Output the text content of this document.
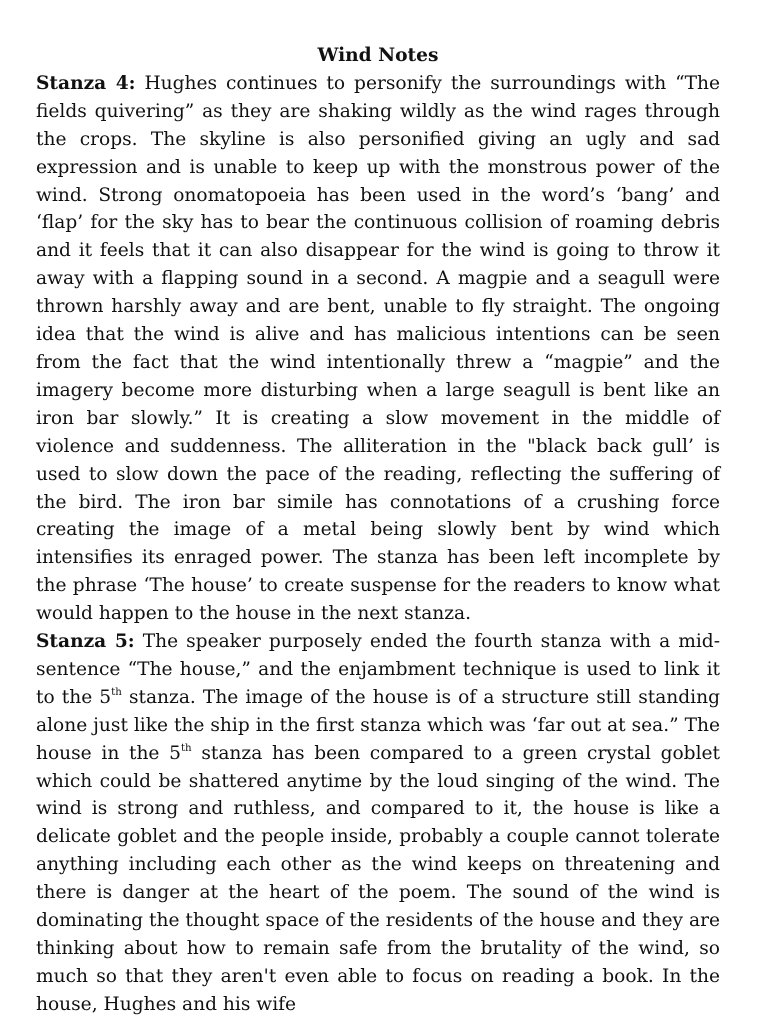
Wind Notes

Stanza 4: Hughes continues to personify the surroundings with “The fields quivering” as they are shaking wildly as the wind rages through the crops. The skyline is also personified giving an ugly and sad expression and is unable to keep up with the monstrous power of the wind. Strong onomatopoeia has been used in the word’s ‘bang’ and ‘flap’ for the sky has to bear the continuous collision of roaming debris and it feels that it can also disappear for the wind is going to throw it away with a flapping sound in a second. A magpie and a seagull were thrown harshly away and are bent, unable to fly straight. The ongoing idea that the wind is alive and has malicious intentions can be seen from the fact that the wind intentionally threw a “magpie” and the imagery become more disturbing when a large seagull is bent like an iron bar slowly.” It is creating a slow movement in the middle of violence and suddenness. The alliteration in the "black back gull’ is used to slow down the pace of the reading, reflecting the suffering of the bird. The iron bar simile has connotations of a crushing force creating the image of a metal being slowly bent by wind which intensifies its enraged power. The stanza has been left incomplete by the phrase ‘The house’ to create suspense for the readers to know what would happen to the house in the next stanza.

Stanza 5: The speaker purposely ended the fourth stanza with a mid-sentence “The house,” and the enjambment technique is used to link it to the 5th stanza. The image of the house is of a structure still standing alone just like the ship in the first stanza which was ‘far out at sea.” The house in the 5th stanza has been compared to a green crystal goblet which could be shattered anytime by the loud singing of the wind. The wind is strong and ruthless, and compared to it, the house is like a delicate goblet and the people inside, probably a couple cannot tolerate anything including each other as the wind keeps on threatening and there is danger at the heart of the poem. The sound of the wind is dominating the thought space of the residents of the house and they are thinking about how to remain safe from the brutality of the wind, so much so that they aren't even able to focus on reading a book. In the house, Hughes and his wife
